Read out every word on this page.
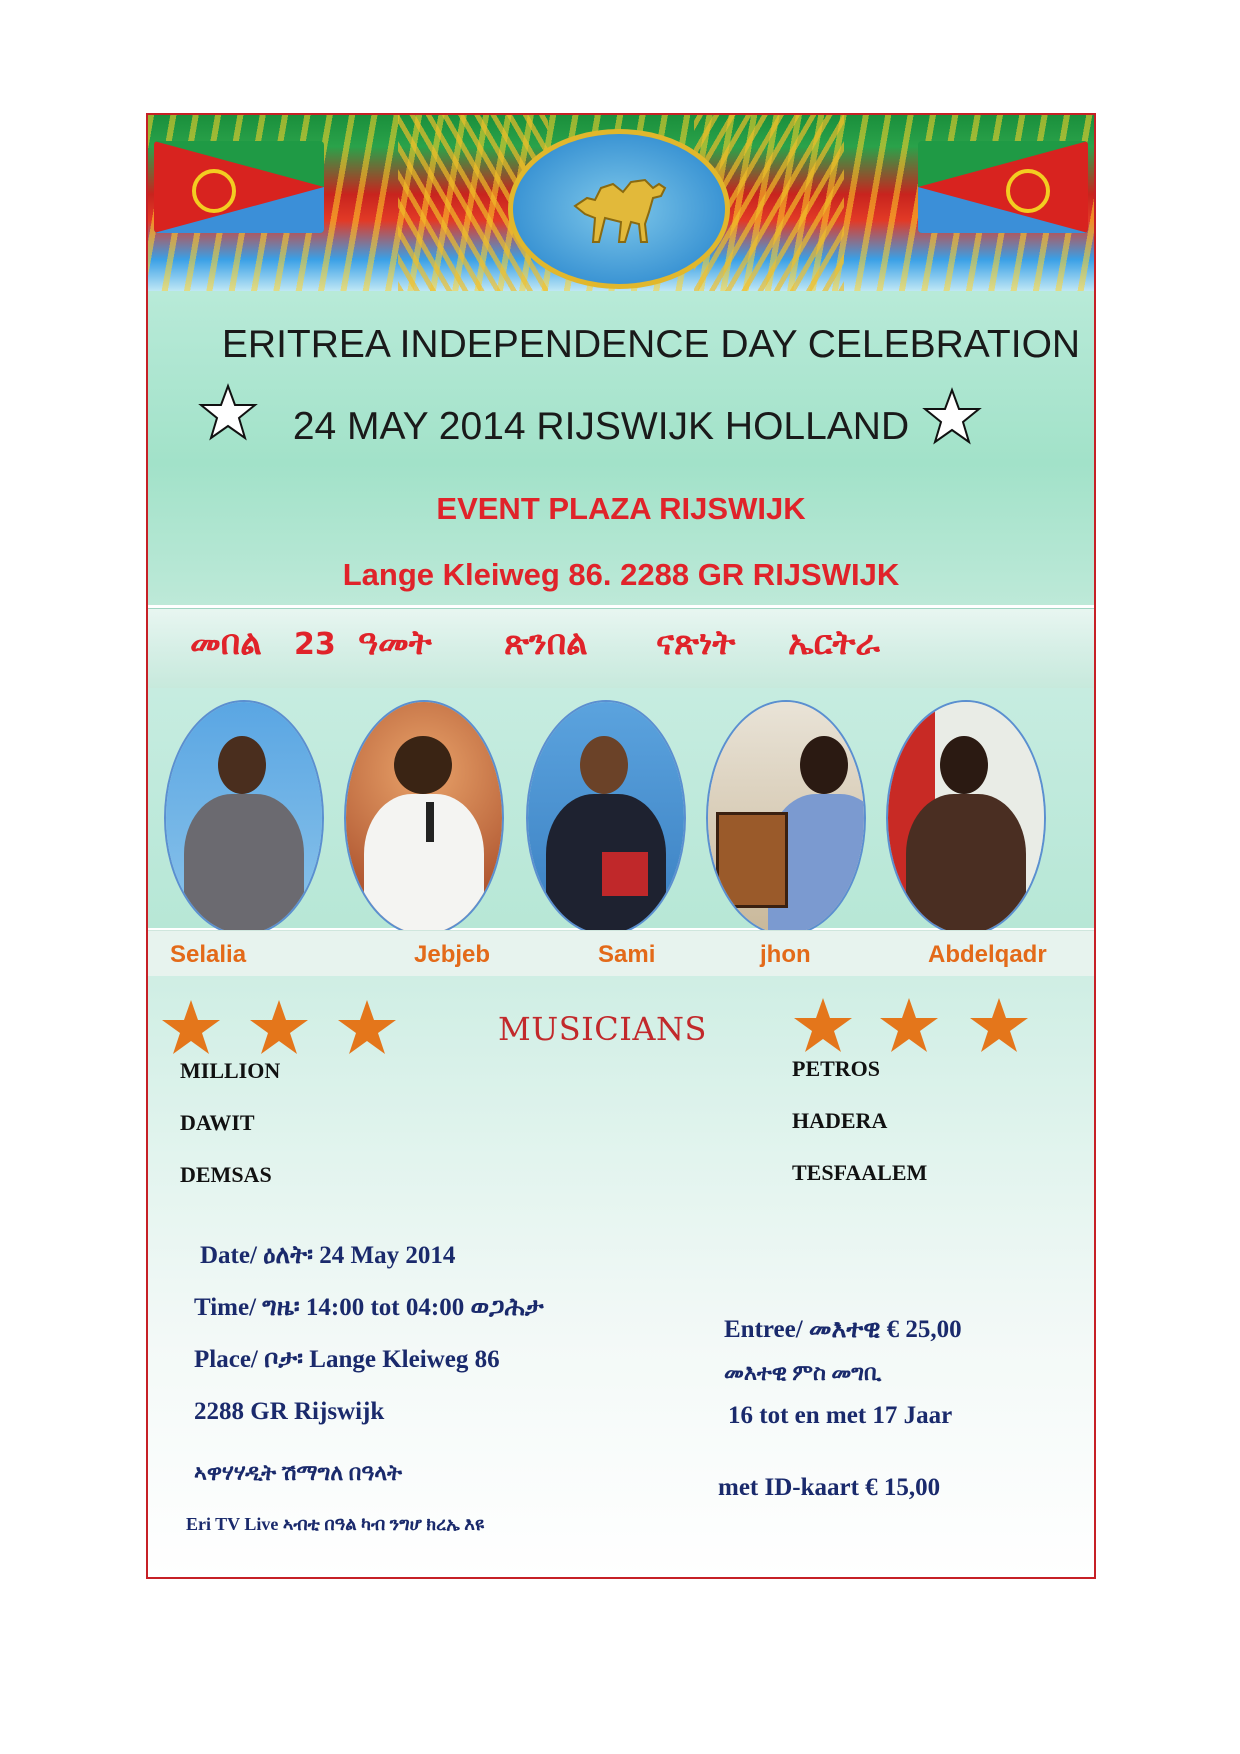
ERITREA INDEPENDENCE DAY CELEBRATION
24 MAY 2014 RIJSWIJK HOLLAND
EVENT PLAZA RIJSWIJK
Lange Kleiweg 86. 2288 GR RIJSWIJK
መበል 23 ዓመት ጽንበል ናጽነት ኤርትራ
Selalia	Jebjeb	Sami	jhon	Abdelqadr
MUSICIANS
MILLION
DAWIT
DEMSAS
PETROS
HADERA
TESFAALEM
Date/ ዕለት፡ 24 May 2014
Time/ ግዜ፡ 14:00 tot 04:00 ወጋሕታ
Place/ ቦታ፡ Lange Kleiweg 86
2288 GR Rijswijk
ኣዋሃሃዲት ሽማግለ በዓላት
Eri TV Live ኣብቲ በዓል ካብ ንግሆ ክረኤ እዩ
Entree/ መእተዊ € 25,00
መእተዊ ምስ መግቢ
16 tot en met 17 Jaar
met ID-kaart € 15,00
